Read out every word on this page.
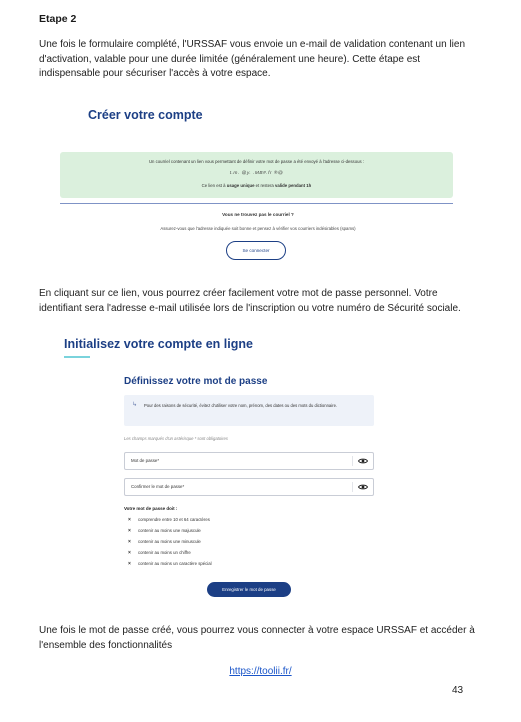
Etape 2
Une fois le formulaire complété, l'URSSAF vous envoie un e-mail de validation contenant un lien d'activation, valable pour une durée limitée (généralement une heure). Cette étape est indispensable pour sécuriser l'accès à votre espace.
Créer votre compte
Un courriel contenant un lien vous permettant de définir votre mot de passe a été envoyé à l'adresse ci-dessous :
t.m. @y. .MB#.fr ®@
Ce lien est à usage unique et restera valide pendant 1h
Vous ne trouvez pas le courriel ?
Assurez-vous que l'adresse indiquée soit bonne et pensez à vérifier vos courriers indésirables (spams)
Se connecter
En cliquant sur ce lien, vous pourrez créer facilement votre mot de passe personnel. Votre identifiant sera l'adresse e-mail utilisée lors de l'inscription ou votre numéro de Sécurité sociale.
Initialisez votre compte en ligne
Définissez votre mot de passe
↳ Pour des raisons de sécurité, évitez d'utiliser votre nom, prénom, des dates ou des mots du dictionnaire.
Les champs marqués d'un astérisque * sont obligatoires
Mot de passe*
Confirmer le mot de passe*
Votre mot de passe doit :
× comprendre entre 10 et 64 caractères
× contenir au moins une majuscule
× contenir au moins une minuscule
× contenir au moins un chiffre
× contenir au moins un caractère spécial
Enregistrer le mot de passe
Une fois le mot de passe créé, vous pourrez vous connecter à votre espace URSSAF et accéder à l'ensemble des fonctionnalités
https://toolii.fr/
43
